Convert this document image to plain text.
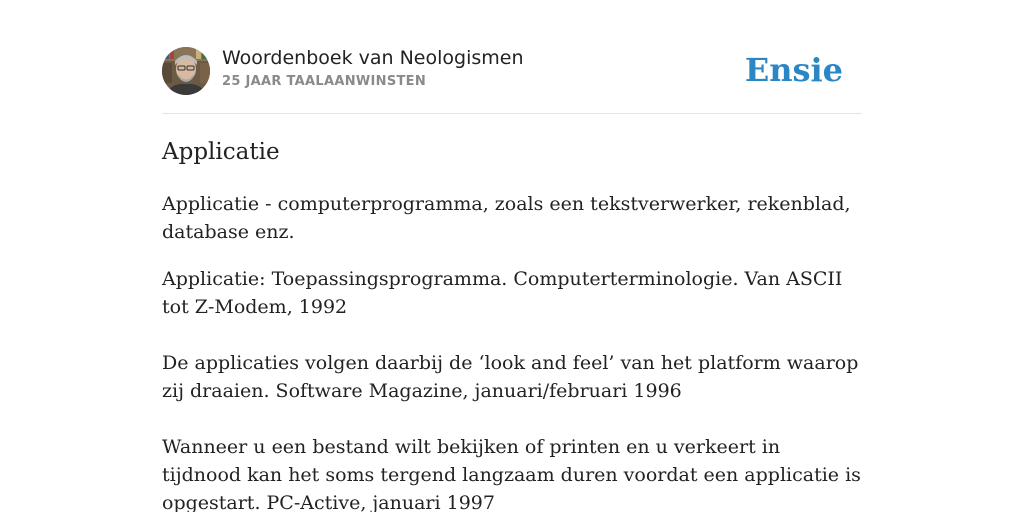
Woordenboek van Neologismen
25 JAAR TAALAANWINSTEN	Ensie
Applicatie

Applicatie - computerprogramma, zoals een tekstverwerker, rekenblad, database enz.

Applicatie: Toepassingsprogramma. Computerterminologie. Van ASCII tot Z-Modem, 1992

De applicaties volgen daarbij de ‘look and feel’ van het platform waarop zij draaien. Software Magazine, januari/februari 1996

Wanneer u een bestand wilt bekijken of printen en u verkeert in tijdnood kan het soms tergend langzaam duren voordat een applicatie is opgestart. PC-Active, januari 1997
